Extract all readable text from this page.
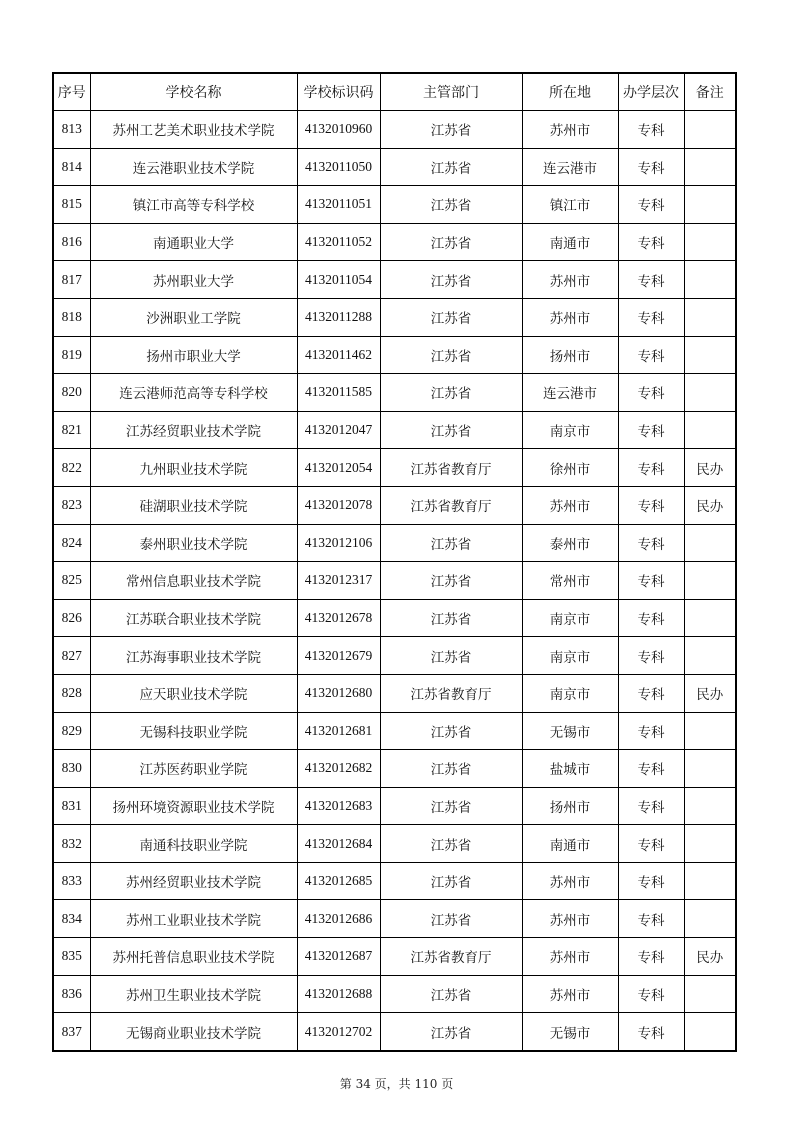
序号	学校名称	学校标识码	主管部门	所在地	办学层次	备注
813	苏州工艺美术职业技术学院	4132010960	江苏省	苏州市	专科	
814	连云港职业技术学院	4132011050	江苏省	连云港市	专科	
815	镇江市高等专科学校	4132011051	江苏省	镇江市	专科	
816	南通职业大学	4132011052	江苏省	南通市	专科	
817	苏州职业大学	4132011054	江苏省	苏州市	专科	
818	沙洲职业工学院	4132011288	江苏省	苏州市	专科	
819	扬州市职业大学	4132011462	江苏省	扬州市	专科	
820	连云港师范高等专科学校	4132011585	江苏省	连云港市	专科	
821	江苏经贸职业技术学院	4132012047	江苏省	南京市	专科	
822	九州职业技术学院	4132012054	江苏省教育厅	徐州市	专科	民办
823	硅湖职业技术学院	4132012078	江苏省教育厅	苏州市	专科	民办
824	泰州职业技术学院	4132012106	江苏省	泰州市	专科	
825	常州信息职业技术学院	4132012317	江苏省	常州市	专科	
826	江苏联合职业技术学院	4132012678	江苏省	南京市	专科	
827	江苏海事职业技术学院	4132012679	江苏省	南京市	专科	
828	应天职业技术学院	4132012680	江苏省教育厅	南京市	专科	民办
829	无锡科技职业学院	4132012681	江苏省	无锡市	专科	
830	江苏医药职业学院	4132012682	江苏省	盐城市	专科	
831	扬州环境资源职业技术学院	4132012683	江苏省	扬州市	专科	
832	南通科技职业学院	4132012684	江苏省	南通市	专科	
833	苏州经贸职业技术学院	4132012685	江苏省	苏州市	专科	
834	苏州工业职业技术学院	4132012686	江苏省	苏州市	专科	
835	苏州托普信息职业技术学院	4132012687	江苏省教育厅	苏州市	专科	民办
836	苏州卫生职业技术学院	4132012688	江苏省	苏州市	专科	
837	无锡商业职业技术学院	4132012702	江苏省	无锡市	专科	
第 34 页，共 110 页
